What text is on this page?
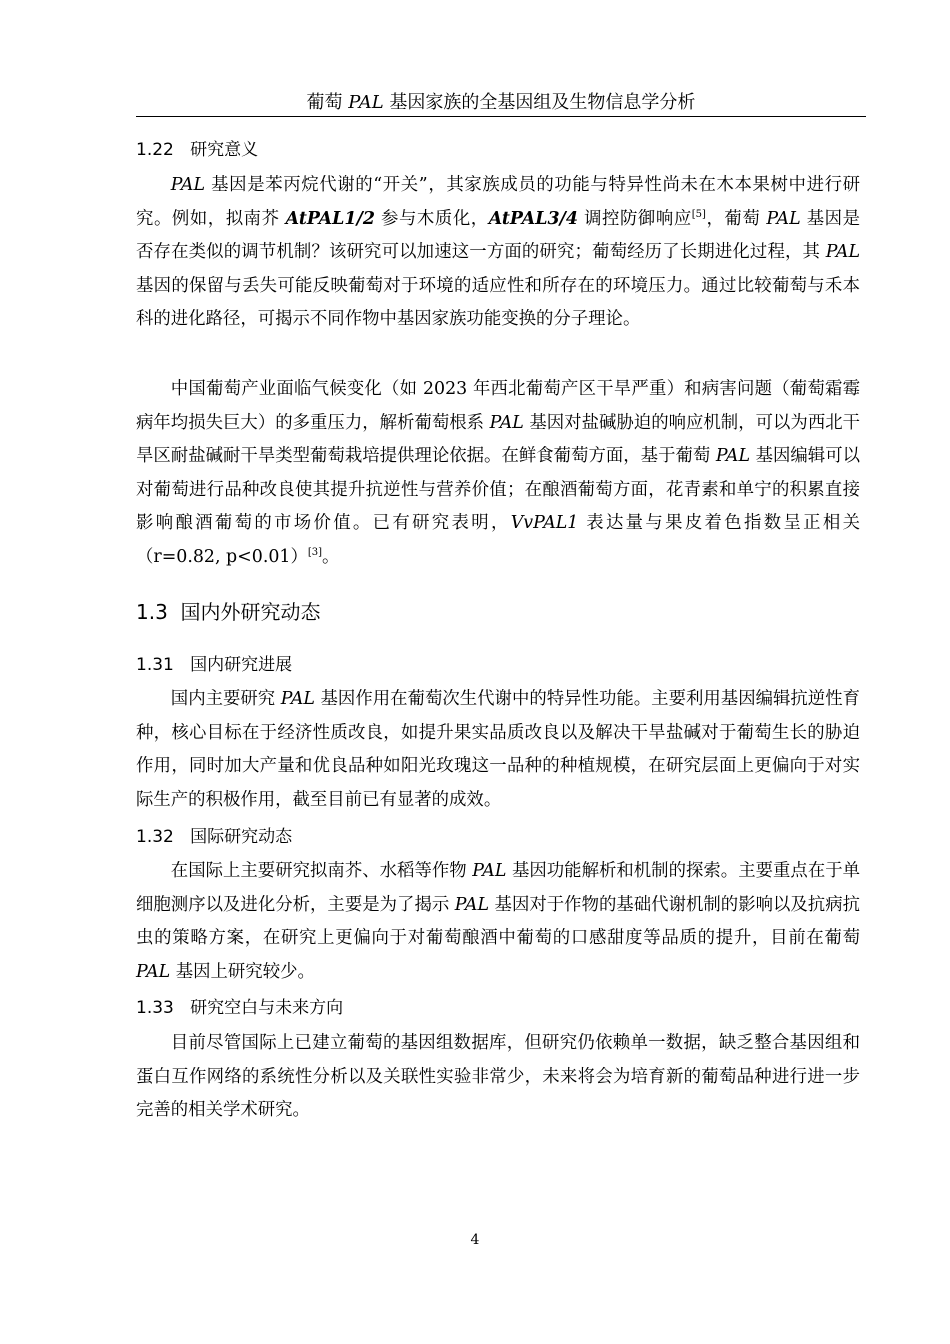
葡萄 PAL 基因家族的全基因组及生物信息学分析
1.22 研究意义

PAL 基因是苯丙烷代谢的“开关”，其家族成员的功能与特异性尚未在木本果树中进行研究。例如，拟南芥 AtPAL1/2 参与木质化，AtPAL3/4 调控防御响应[5]，葡萄 PAL 基因是否存在类似的调节机制？该研究可以加速这一方面的研究；葡萄经历了长期进化过程，其 PAL 基因的保留与丢失可能反映葡萄对于环境的适应性和所存在的环境压力。通过比较葡萄与禾本科的进化路径，可揭示不同作物中基因家族功能变换的分子理论。

中国葡萄产业面临气候变化（如 2023 年西北葡萄产区干旱严重）和病害问题（葡萄霜霉病年均损失巨大）的多重压力，解析葡萄根系 PAL 基因对盐碱胁迫的响应机制，可以为西北干旱区耐盐碱耐干旱类型葡萄栽培提供理论依据。在鲜食葡萄方面，基于葡萄 PAL 基因编辑可以对葡萄进行品种改良使其提升抗逆性与营养价值；在酿酒葡萄方面，花青素和单宁的积累直接影响酿酒葡萄的市场价值。已有研究表明，VvPAL1 表达量与果皮着色指数呈正相关（r=0.82, p<0.01）[3]。

1.3 国内外研究动态
1.31 国内研究进展

国内主要研究 PAL 基因作用在葡萄次生代谢中的特异性功能。主要利用基因编辑抗逆性育种，核心目标在于经济性质改良，如提升果实品质改良以及解决干旱盐碱对于葡萄生长的胁迫作用，同时加大产量和优良品种如阳光玫瑰这一品种的种植规模，在研究层面上更偏向于对实际生产的积极作用，截至目前已有显著的成效。

1.32 国际研究动态

在国际上主要研究拟南芥、水稻等作物 PAL 基因功能解析和机制的探索。主要重点在于单细胞测序以及进化分析，主要是为了揭示 PAL 基因对于作物的基础代谢机制的影响以及抗病抗虫的策略方案，在研究上更偏向于对葡萄酿酒中葡萄的口感甜度等品质的提升，目前在葡萄 PAL 基因上研究较少。

1.33 研究空白与未来方向

目前尽管国际上已建立葡萄的基因组数据库，但研究仍依赖单一数据，缺乏整合基因组和蛋白互作网络的系统性分析以及关联性实验非常少，未来将会为培育新的葡萄品种进行进一步完善的相关学术研究。

4
